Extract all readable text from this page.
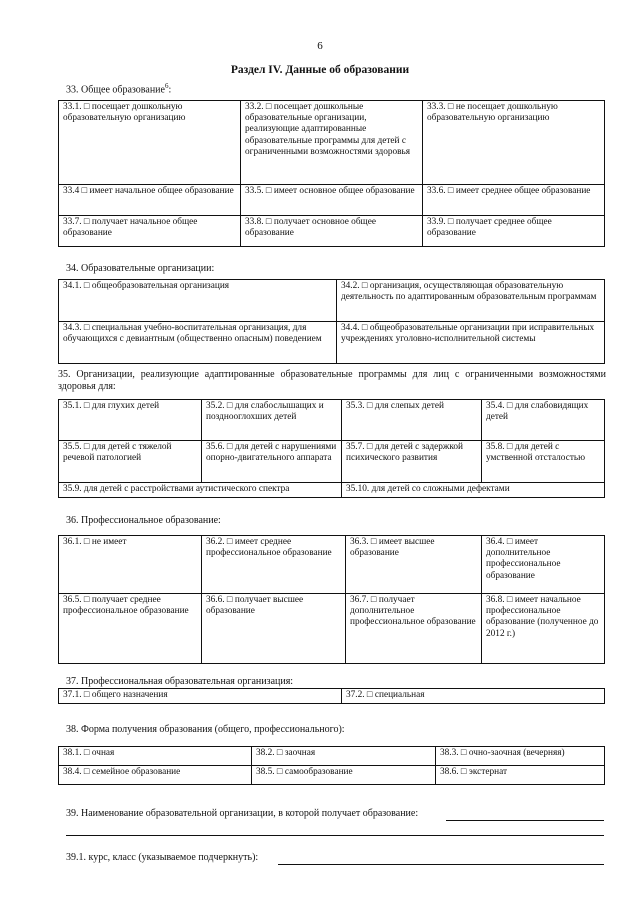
6
Раздел IV. Данные об образовании
33. Общее образование$^6$:
33.1. □ посещает дошкольную образовательную организацию	33.2. □ посещает дошкольные образовательные организации, реализующие адаптированные образовательные программы для детей с ограниченными возможностями здоровья	33.3. □ не посещает дошкольную образовательную организацию
33.4 □ имеет начальное общее образование	33.5. □ имеет основное общее образование	33.6. □ имеет среднее общее образование
33.7. □ получает начальное общее образование	33.8. □ получает основное общее образование	33.9. □ получает среднее общее образование
34. Образовательные организации:
34.1. □ общеобразовательная организация	34.2. □ организация, осуществляющая образовательную деятельность по адаптированным образовательным программам
34.3. □ специальная учебно-воспитательная организация, для обучающихся с девиантным (общественно опасным) поведением	34.4. □ общеобразовательные организации при исправительных учреждениях уголовно-исполнительной системы
35. Организации, реализующие адаптированные образовательные программы для лиц с ограниченными возможностями здоровья для:
35.1. □ для глухих детей	35.2. □ для слабослышащих и позднооглохших детей	35.3. □ для слепых детей	35.4. □ для слабовидящих детей
35.5. □ для детей с тяжелой речевой патологией	35.6. □ для детей с нарушениями опорно-двигательного аппарата	35.7. □ для детей с задержкой психического развития	35.8. □ для детей с умственной отсталостью
35.9. для детей с расстройствами аутистического спектра	35.10. для детей со сложными дефектами
36. Профессиональное образование:
36.1. □ не имеет	36.2. □ имеет среднее профессиональное образование	36.3. □ имеет высшее образование	36.4. □ имеет дополнительное профессиональное образование
36.5. □ получает среднее профессиональное образование	36.6. □ получает высшее образование	36.7. □ получает дополнительное профессиональное образование	36.8. □ имеет начальное профессиональное образование (полученное до 2012 г.)
37. Профессиональная образовательная организация:
37.1. □ общего назначения	37.2. □ специальная
38. Форма получения образования (общего, профессионального):
38.1. □ очная	38.2. □ заочная	38.3. □ очно-заочная (вечерняя)
38.4. □ семейное образование	38.5. □ самообразование	38.6. □ экстернат
39. Наименование образовательной организации, в которой получает образование:
39.1. курс, класс (указываемое подчеркнуть):
